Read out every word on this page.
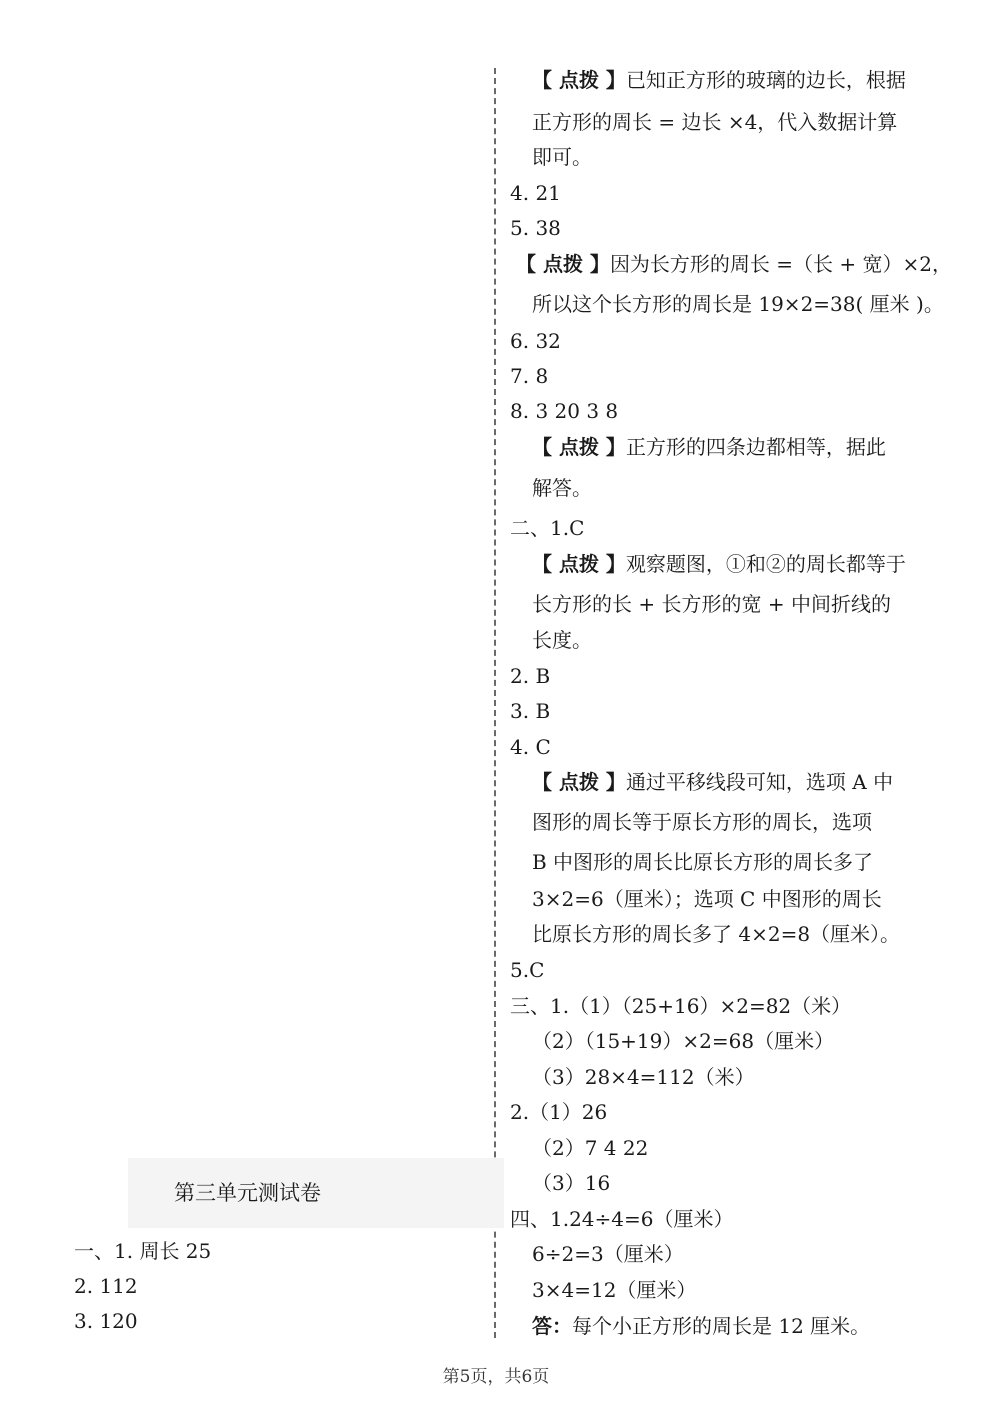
第三单元测试卷
一、1. 周长 25
2. 112
3. 120
【 点拨 】已知正方形的玻璃的边长，根据
正方形的周长 = 边长 ×4，代入数据计算
即可。
4. 21
5. 38
【 点拨 】因为长方形的周长 =（长 + 宽）×2，
所以这个长方形的周长是 19×2=38( 厘米 )。
6. 32
7. 8
8. 3 20 3 8
【 点拨 】正方形的四条边都相等，据此
解答。
二、1.C
【 点拨 】观察题图，①和②的周长都等于
长方形的长 + 长方形的宽 + 中间折线的
长度。
2. B
3. B
4. C
【 点拨 】通过平移线段可知，选项 A 中
图形的周长等于原长方形的周长，选项
B 中图形的周长比原长方形的周长多了
3×2=6（厘米）；选项 C 中图形的周长
比原长方形的周长多了 4×2=8（厘米）。
5.C
三、1.（1）（25+16）×2=82（米）
（2）（15+19）×2=68（厘米）
（3）28×4=112（米）
2.（1）26
（2）7 4 22
（3）16
四、1.24÷4=6（厘米）
6÷2=3（厘米）
3×4=12（厘米）
答：每个小正方形的周长是 12 厘米。
第5页，共6页
